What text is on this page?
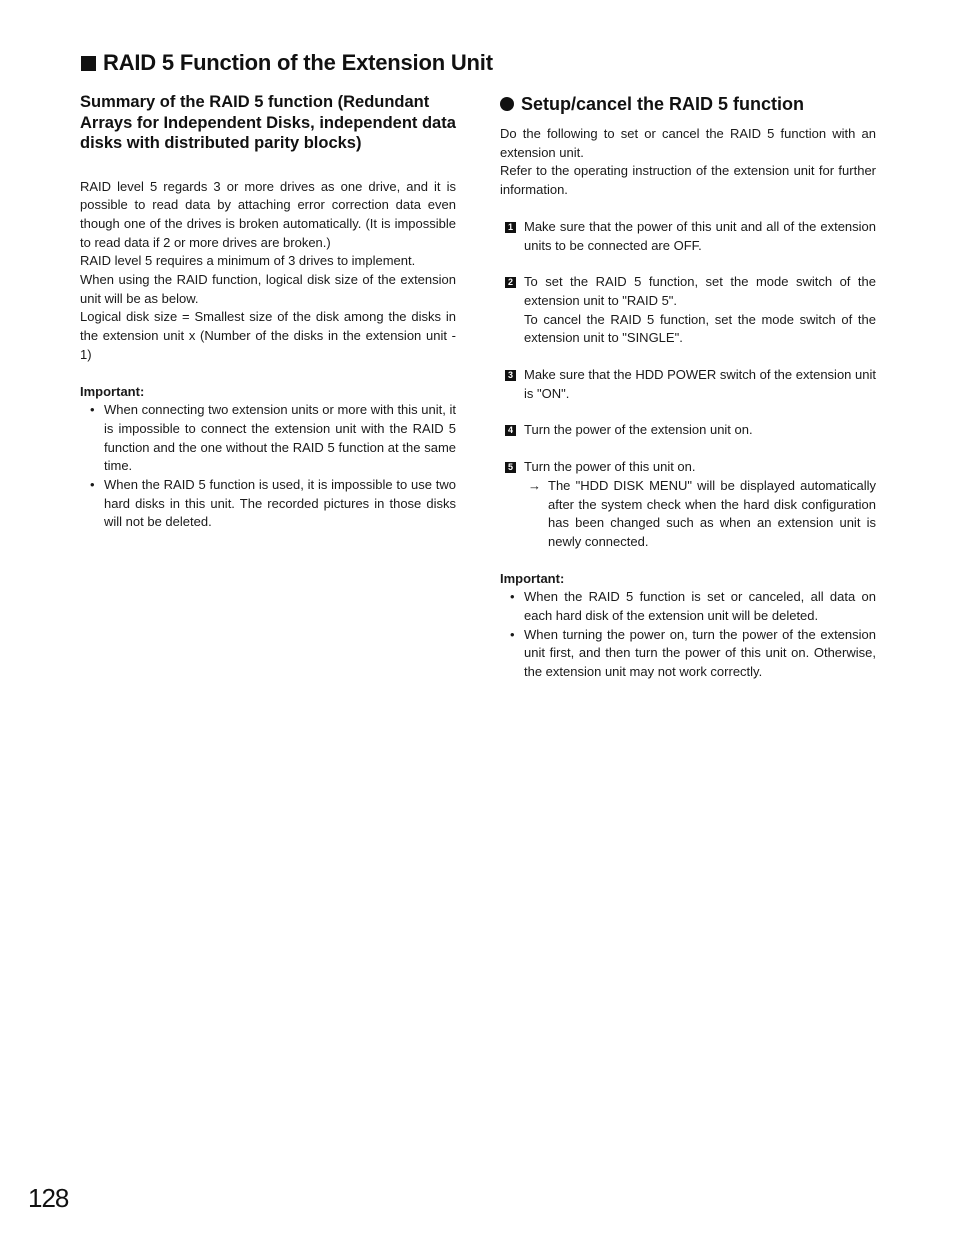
RAID 5 Function of the Extension Unit

Summary of the RAID 5 function (Redundant Arrays for Independent Disks, independent data disks with distributed parity blocks)

RAID level 5 regards 3 or more drives as one drive, and it is possible to read data by attaching error correction data even though one of the drives is broken automatically. (It is impossible to read data if 2 or more drives are broken.)

RAID level 5 requires a minimum of 3 drives to implement.

When using the RAID function, logical disk size of the extension unit will be as below.

Logical disk size = Smallest size of the disk among the disks in the extension unit x (Number of the disks in the extension unit - 1)

Important:

• When connecting two extension units or more with this unit, it is impossible to connect the extension unit with the RAID 5 function and the one without the RAID 5 function at the same time.
• When the RAID 5 function is used, it is impossible to use two hard disks in this unit. The recorded pictures in those disks will not be deleted.
Setup/cancel the RAID 5 function

Do the following to set or cancel the RAID 5 function with an extension unit.

Refer to the operating instruction of the extension unit for further information.

1 Make sure that the power of this unit and all of the extension units to be connected are OFF.
2 To set the RAID 5 function, set the mode switch of the extension unit to "RAID 5".
To cancel the RAID 5 function, set the mode switch of the extension unit to "SINGLE".
3 Make sure that the HDD POWER switch of the extension unit is "ON".
4 Turn the power of the extension unit on.
5 Turn the power of this unit on.
→ The "HDD DISK MENU" will be displayed automatically after the system check when the hard disk configuration has been changed such as when an extension unit is newly connected.

Important:

• When the RAID 5 function is set or canceled, all data on each hard disk of the extension unit will be deleted.
• When turning the power on, turn the power of the extension unit first, and then turn the power of this unit on. Otherwise, the extension unit may not work correctly.
128
